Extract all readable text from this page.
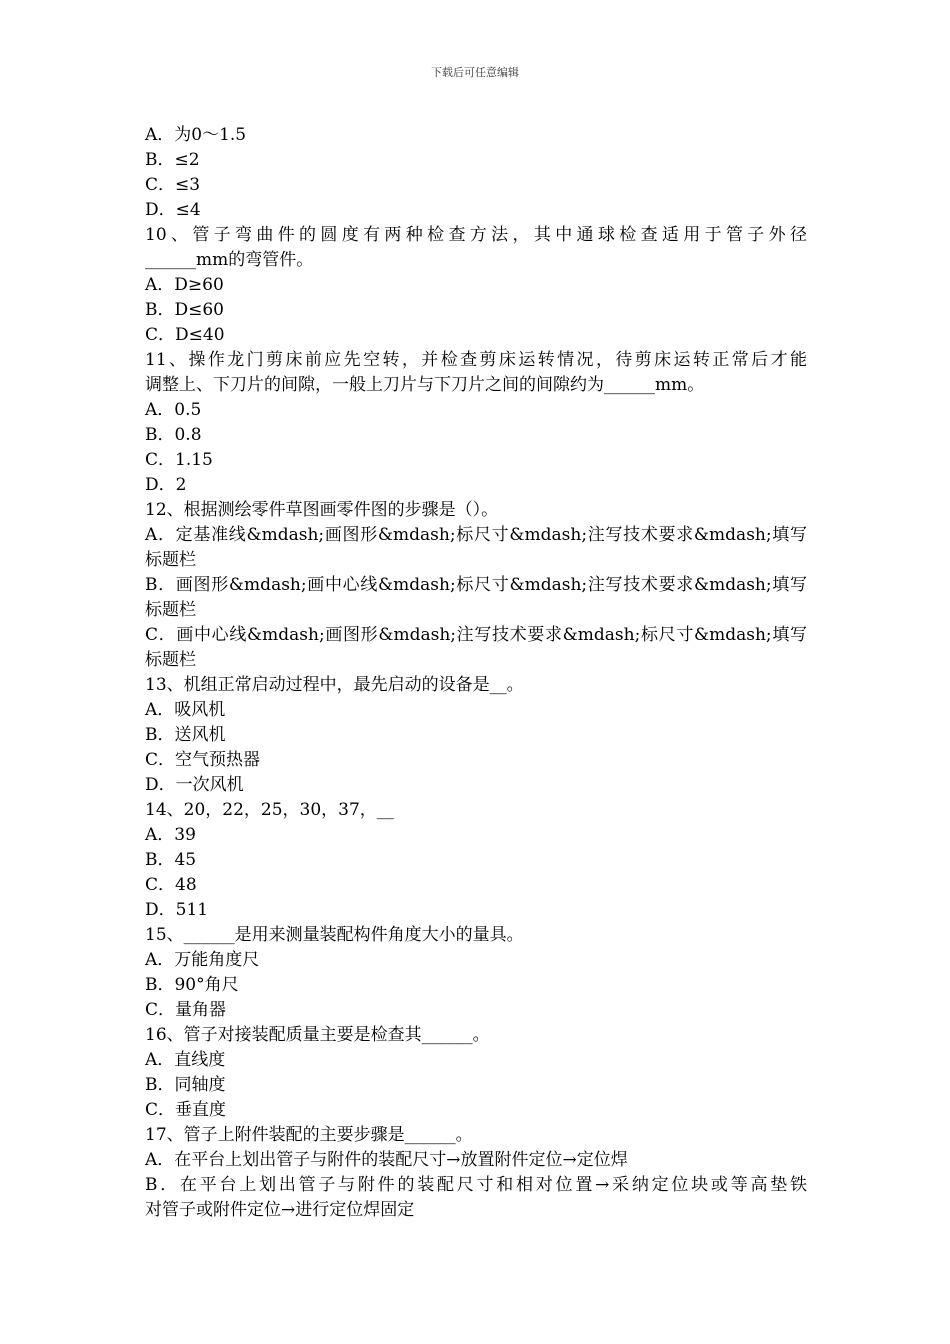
下载后可任意编辑
A．为0～1.5
B．≤2
C．≤3
D．≤4
10、管子弯曲件的圆度有两种检查方法，其中通球检查适用于管子外径
______mm的弯管件。
A．D≥60
B．D≤60
C．D≤40
11、操作龙门剪床前应先空转，并检查剪床运转情况，待剪床运转正常后才能
调整上、下刀片的间隙，一般上刀片与下刀片之间的间隙约为______mm。
A．0.5
B．0.8
C．1.15
D．2
12、根据测绘零件草图画零件图的步骤是（）。
A．定基准线&mdash;画图形&mdash;标尺寸&mdash;注写技术要求&mdash;填写
标题栏
B．画图形&mdash;画中心线&mdash;标尺寸&mdash;注写技术要求&mdash;填写
标题栏
C．画中心线&mdash;画图形&mdash;注写技术要求&mdash;标尺寸&mdash;填写
标题栏
13、机组正常启动过程中，最先启动的设备是__。
A．吸风机
B．送风机
C．空气预热器
D．一次风机
14、20，22，25，30，37，__
A．39
B．45
C．48
D．511
15、______是用来测量装配构件角度大小的量具。
A．万能角度尺
B．90°角尺
C．量角器
16、管子对接装配质量主要是检查其______。
A．直线度
B．同轴度
C．垂直度
17、管子上附件装配的主要步骤是______。
A．在平台上划出管子与附件的装配尺寸→放置附件定位→定位焊
B．在平台上划出管子与附件的装配尺寸和相对位置→采纳定位块或等高垫铁
对管子或附件定位→进行定位焊固定
